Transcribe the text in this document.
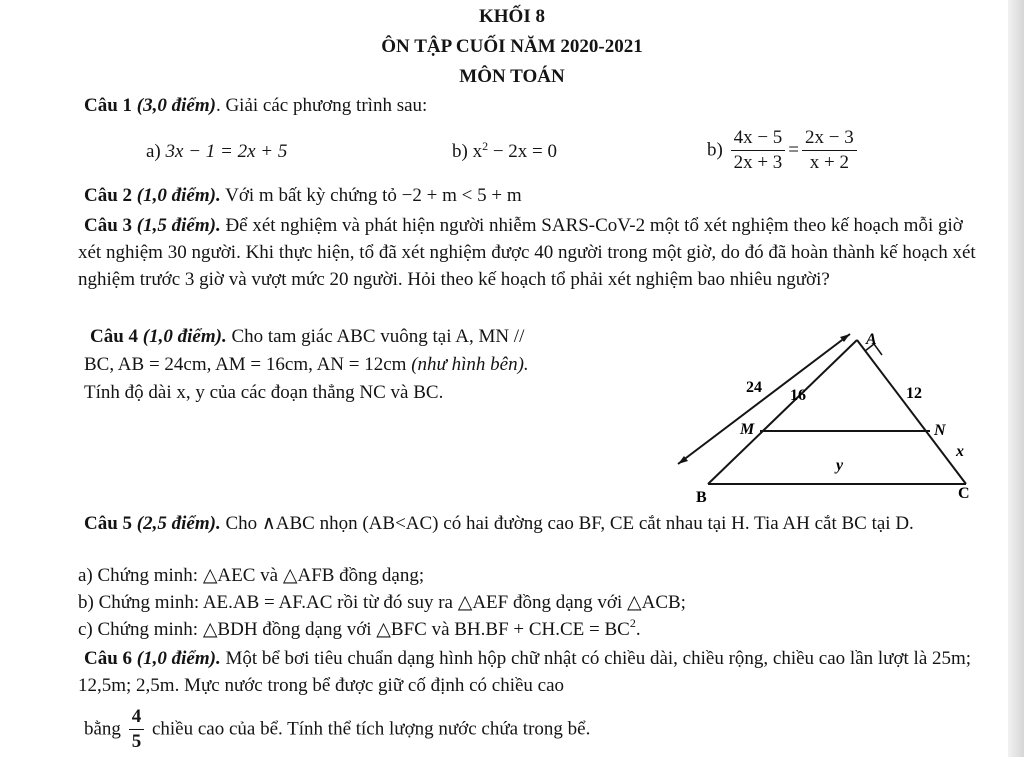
KHỐI 8
ÔN TẬP CUỐI NĂM 2020-2021
MÔN TOÁN
Câu 1 (3,0 điểm). Giải các phương trình sau:
a) 3x − 1 = 2x + 5	b) $x^2 - 2x = 0$	$b) \frac{4x - 5}{2x + 3} = \frac{2x - 3}{x + 2}$
Câu 2 (1,0 điểm). Với m bất kỳ chứng tỏ −2 + m < 5 + m
Câu 3 (1,5 điểm). Để xét nghiệm và phát hiện người nhiễm SARS-CoV-2 một tổ xét nghiệm theo kế hoạch mỗi giờ xét nghiệm 30 người. Khi thực hiện, tổ đã xét nghiệm được 40 người trong một giờ, do đó đã hoàn thành kế hoạch xét nghiệm trước 3 giờ và vượt mức 20 người. Hỏi theo kế hoạch tổ phải xét nghiệm bao nhiêu người?
Câu 4 (1,0 điểm). Cho tam giác ABC vuông tại A, MN //
BC, AB = 24cm, AM = 16cm, AN = 12cm (như hình bên).
Tính độ dài x, y của các đoạn thẳng NC và BC.
A
B	C
M	N
24 16	12
x
y
Câu 5 (2,5 điểm). Cho ∧ABC nhọn (AB<AC) có hai đường cao BF, CE cắt nhau tại H. Tia AH cắt BC tại D.
a) Chứng minh: △AEC và △AFB đồng dạng;
b) Chứng minh: AE.AB = AF.AC rồi từ đó suy ra △AEF đồng dạng với △ACB;
c) Chứng minh: △BDH đồng dạng với △BFC và $BH.BF + CH.CE = BC^2$.
Câu 6 (1,0 điểm). Một bể bơi tiêu chuẩn dạng hình hộp chữ nhật có chiều dài, chiều rộng, chiều cao lần lượt là 25m; 12,5m; 2,5m. Mực nước trong bể được giữ cố định có chiều cao
bằng $\frac{4}{5}$ chiều cao của bể. Tính thể tích lượng nước chứa trong bể.
